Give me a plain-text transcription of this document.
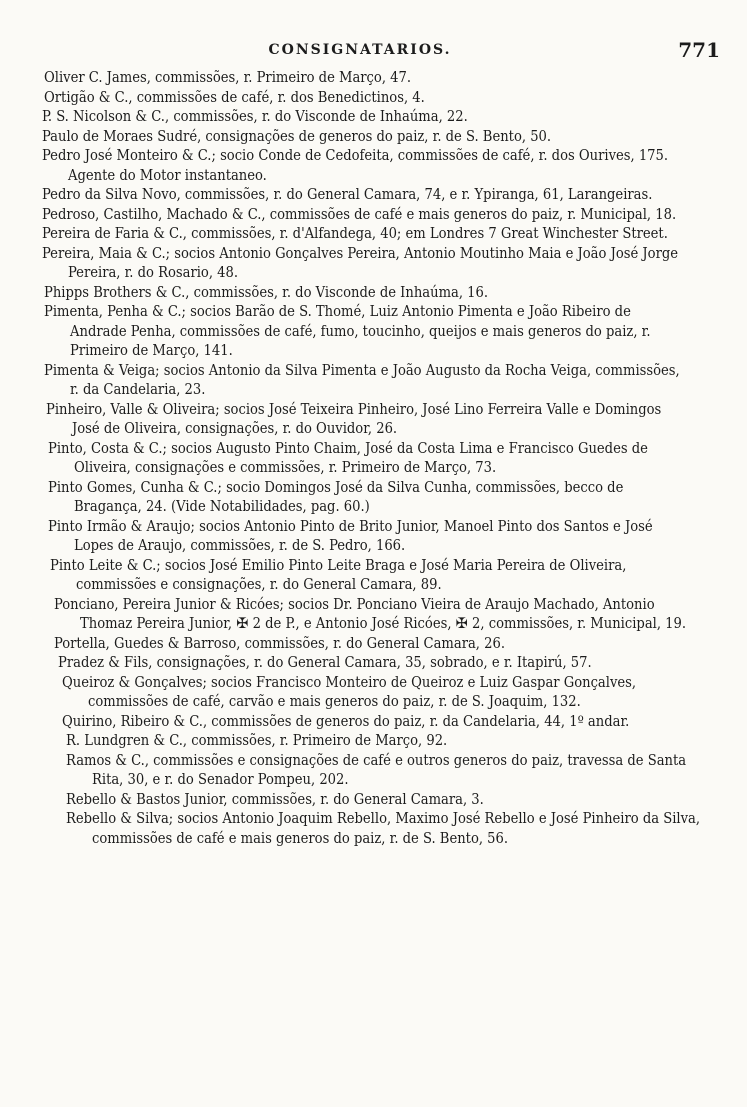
CONSIGNATARIOS.	771
Oliver C. James, commissões, r. Primeiro de Março, 47.
Ortigão & C., commissões de café, r. dos Benedictinos, 4.
P. S. Nicolson & C., commissões, r. do Visconde de Inhaúma, 22.
Paulo de Moraes Sudré, consignações de generos do paiz, r. de S. Bento, 50.
Pedro José Monteiro & C.; socio Conde de Cedofeita, commissões de café, r. dos Ourives, 175. Agente do Motor instantaneo.
Pedro da Silva Novo, commissões, r. do General Camara, 74, e r. Ypiranga, 61, Larangeiras.
Pedroso, Castilho, Machado & C., commissões de café e mais generos do paiz, r. Municipal, 18.
Pereira de Faria & C., commissões, r. d'Alfandega, 40; em Londres 7 Great Winchester Street.
Pereira, Maia & C.; socios Antonio Gonçalves Pereira, Antonio Moutinho Maia e João José Jorge Pereira, r. do Rosario, 48.
Phipps Brothers & C., commissões, r. do Visconde de Inhaúma, 16.
Pimenta, Penha & C.; socios Barão de S. Thomé, Luiz Antonio Pimenta e João Ribeiro de Andrade Penha, commissões de café, fumo, toucinho, queijos e mais generos do paiz, r. Primeiro de Março, 141.
Pimenta & Veiga; socios Antonio da Silva Pimenta e João Augusto da Rocha Veiga, commissões, r. da Candelaria, 23.
Pinheiro, Valle & Oliveira; socios José Teixeira Pinheiro, José Lino Ferreira Valle e Domingos José de Oliveira, consignações, r. do Ouvidor, 26.
Pinto, Costa & C.; socios Augusto Pinto Chaim, José da Costa Lima e Francisco Guedes de Oliveira, consignações e commissões, r. Primeiro de Março, 73.
Pinto Gomes, Cunha & C.; socio Domingos José da Silva Cunha, commissões, becco de Bragança, 24. (Vide Notabilidades, pag. 60.)
Pinto Irmão & Araujo; socios Antonio Pinto de Brito Junior, Manoel Pinto dos Santos e José Lopes de Araujo, commissões, r. de S. Pedro, 166.
Pinto Leite & C.; socios José Emilio Pinto Leite Braga e José Maria Pereira de Oliveira, commissões e consignações, r. do General Camara, 89.
Ponciano, Pereira Junior & Ricóes; socios Dr. Ponciano Vieira de Araujo Machado, Antonio Thomaz Pereira Junior, ✠ 2 de P., e Antonio José Ricóes, ✠ 2, commissões, r. Municipal, 19.
Portella, Guedes & Barroso, commissões, r. do General Camara, 26.
Pradez & Fils, consignações, r. do General Camara, 35, sobrado, e r. Itapirú, 57.
Queiroz & Gonçalves; socios Francisco Monteiro de Queiroz e Luiz Gaspar Gonçalves, commissões de café, carvão e mais generos do paiz, r. de S. Joaquim, 132.
Quirino, Ribeiro & C., commissões de generos do paiz, r. da Candelaria, 44, 1º andar.
R. Lundgren & C., commissões, r. Primeiro de Março, 92.
Ramos & C., commissões e consignações de café e outros generos do paiz, travessa de Santa Rita, 30, e r. do Senador Pompeu, 202.
Rebello & Bastos Junior, commissões, r. do General Camara, 3.
Rebello & Silva; socios Antonio Joaquim Rebello, Maximo José Rebello e José Pinheiro da Silva, commissões de café e mais generos do paiz, r. de S. Bento, 56.
